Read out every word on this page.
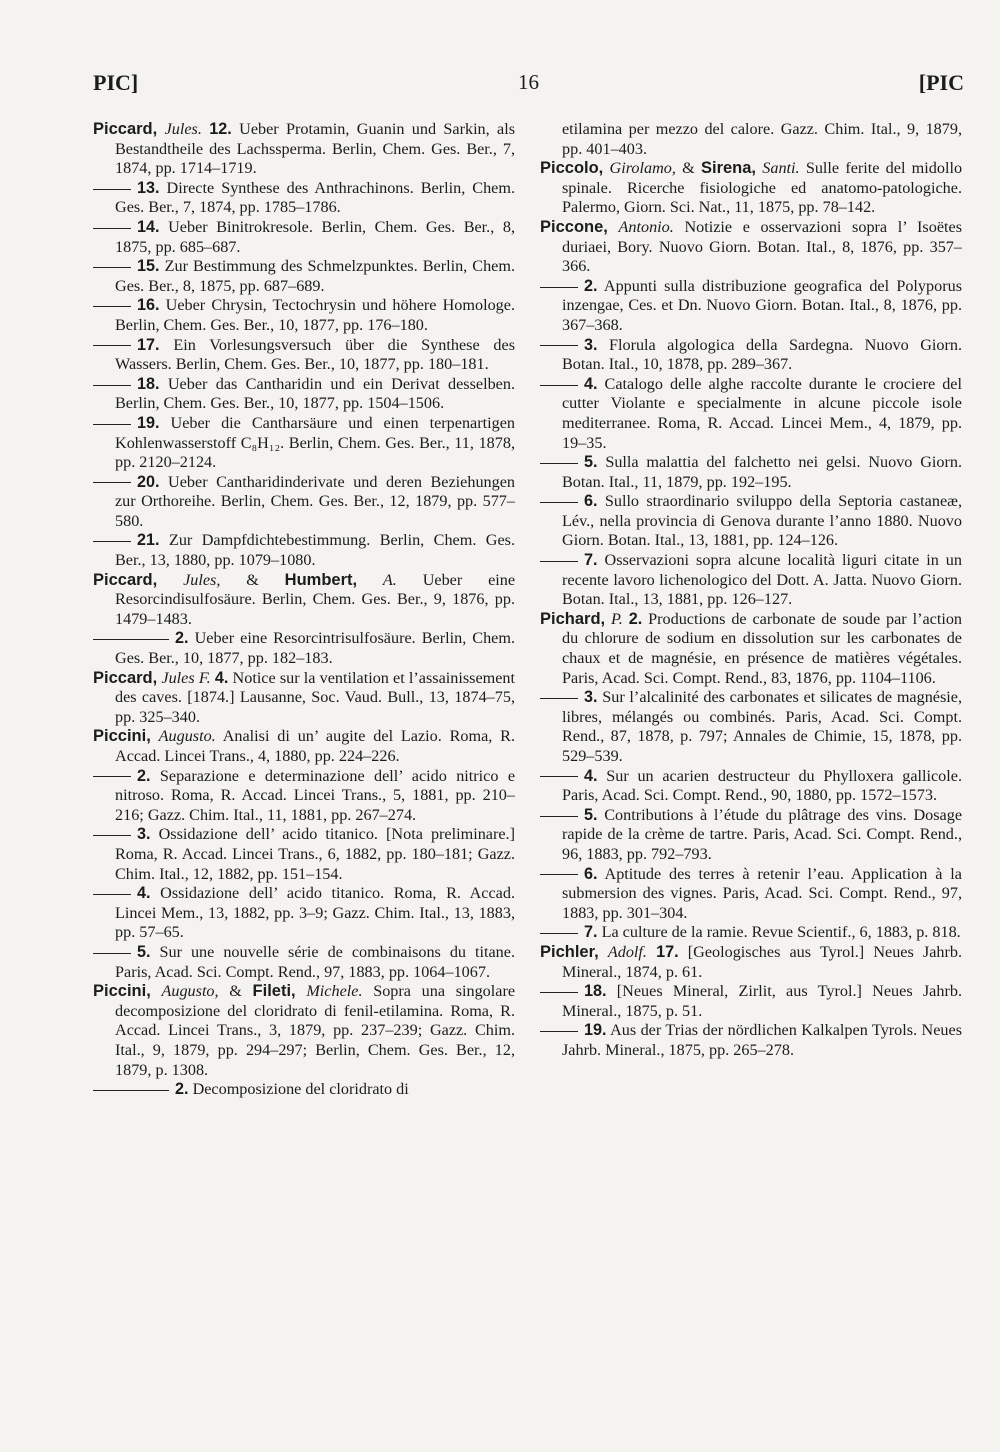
PIC]	16	[PIC

Piccard, Jules. 12. Ueber Protamin, Guanin und Sarkin, als Bestandtheile des Lachssperma. Berlin, Chem. Ges. Ber., 7, 1874, pp. 1714–1719.

13. Directe Synthese des Anthrachinons. Berlin, Chem. Ges. Ber., 7, 1874, pp. 1785–1786.

14. Ueber Binitrokresole. Berlin, Chem. Ges. Ber., 8, 1875, pp. 685–687.

15. Zur Bestimmung des Schmelzpunktes. Berlin, Chem. Ges. Ber., 8, 1875, pp. 687–689.

16. Ueber Chrysin, Tectochrysin und höhere Homologe. Berlin, Chem. Ges. Ber., 10, 1877, pp. 176–180.

17. Ein Vorlesungsversuch über die Synthese des Wassers. Berlin, Chem. Ges. Ber., 10, 1877, pp. 180–181.

18. Ueber das Cantharidin und ein Derivat desselben. Berlin, Chem. Ges. Ber., 10, 1877, pp. 1504–1506.

19. Ueber die Cantharsäure und einen terpenartigen Kohlenwasserstoff C₈H₁₂. Berlin, Chem. Ges. Ber., 11, 1878, pp. 2120–2124.

20. Ueber Cantharidinderivate und deren Beziehungen zur Orthoreihe. Berlin, Chem. Ges. Ber., 12, 1879, pp. 577–580.

21. Zur Dampfdichtebestimmung. Berlin, Chem. Ges. Ber., 13, 1880, pp. 1079–1080.

Piccard, Jules, & Humbert, A. Ueber eine Resorcindisulfosäure. Berlin, Chem. Ges. Ber., 9, 1876, pp. 1479–1483.

2. Ueber eine Resorcintrisulfosäure. Berlin, Chem. Ges. Ber., 10, 1877, pp. 182–183.

Piccard, Jules F. 4. Notice sur la ventilation et l’assainissement des caves. [1874.] Lausanne, Soc. Vaud. Bull., 13, 1874–75, pp. 325–340.

Piccini, Augusto. Analisi di un’ augite del Lazio. Roma, R. Accad. Lincei Trans., 4, 1880, pp. 224–226.

2. Separazione e determinazione dell’ acido nitrico e nitroso. Roma, R. Accad. Lincei Trans., 5, 1881, pp. 210–216; Gazz. Chim. Ital., 11, 1881, pp. 267–274.

3. Ossidazione dell’ acido titanico. [Nota preliminare.] Roma, R. Accad. Lincei Trans., 6, 1882, pp. 180–181; Gazz. Chim. Ital., 12, 1882, pp. 151–154.

4. Ossidazione dell’ acido titanico. Roma, R. Accad. Lincei Mem., 13, 1882, pp. 3–9; Gazz. Chim. Ital., 13, 1883, pp. 57–65.

5. Sur une nouvelle série de combinaisons du titane. Paris, Acad. Sci. Compt. Rend., 97, 1883, pp. 1064–1067.

Piccini, Augusto, & Fileti, Michele. Sopra una singolare decomposizione del cloridrato di fenil-etilamina. Roma, R. Accad. Lincei Trans., 3, 1879, pp. 237–239; Gazz. Chim. Ital., 9, 1879, pp. 294–297; Berlin, Chem. Ges. Ber., 12, 1879, p. 1308.

2. Decomposizione del cloridrato di

etilamina per mezzo del calore. Gazz. Chim. Ital., 9, 1879, pp. 401–403.

Piccolo, Girolamo, & Sirena, Santi. Sulle ferite del midollo spinale. Ricerche fisiologiche ed anatomo-patologiche. Palermo, Giorn. Sci. Nat., 11, 1875, pp. 78–142.

Piccone, Antonio. Notizie e osservazioni sopra l’ Isoëtes duriaei, Bory. Nuovo Giorn. Botan. Ital., 8, 1876, pp. 357–366.

2. Appunti sulla distribuzione geografica del Polyporus inzengae, Ces. et Dn. Nuovo Giorn. Botan. Ital., 8, 1876, pp. 367–368.

3. Florula algologica della Sardegna. Nuovo Giorn. Botan. Ital., 10, 1878, pp. 289–367.

4. Catalogo delle alghe raccolte durante le crociere del cutter Violante e specialmente in alcune piccole isole mediterranee. Roma, R. Accad. Lincei Mem., 4, 1879, pp. 19–35.

5. Sulla malattia del falchetto nei gelsi. Nuovo Giorn. Botan. Ital., 11, 1879, pp. 192–195.

6. Sullo straordinario sviluppo della Septoria castaneæ, Lév., nella provincia di Genova durante l’anno 1880. Nuovo Giorn. Botan. Ital., 13, 1881, pp. 124–126.

7. Osservazioni sopra alcune località liguri citate in un recente lavoro lichenologico del Dott. A. Jatta. Nuovo Giorn. Botan. Ital., 13, 1881, pp. 126–127.

Pichard, P. 2. Productions de carbonate de soude par l’action du chlorure de sodium en dissolution sur les carbonates de chaux et de magnésie, en présence de matières végétales. Paris, Acad. Sci. Compt. Rend., 83, 1876, pp. 1104–1106.

3. Sur l’alcalinité des carbonates et silicates de magnésie, libres, mélangés ou combinés. Paris, Acad. Sci. Compt. Rend., 87, 1878, p. 797; Annales de Chimie, 15, 1878, pp. 529–539.

4. Sur un acarien destructeur du Phylloxera gallicole. Paris, Acad. Sci. Compt. Rend., 90, 1880, pp. 1572–1573.

5. Contributions à l’étude du plâtrage des vins. Dosage rapide de la crème de tartre. Paris, Acad. Sci. Compt. Rend., 96, 1883, pp. 792–793.

6. Aptitude des terres à retenir l’eau. Application à la submersion des vignes. Paris, Acad. Sci. Compt. Rend., 97, 1883, pp. 301–304.

7. La culture de la ramie. Revue Scientif., 6, 1883, p. 818.

Pichler, Adolf. 17. [Geologisches aus Tyrol.] Neues Jahrb. Mineral., 1874, p. 61.

18. [Neues Mineral, Zirlit, aus Tyrol.] Neues Jahrb. Mineral., 1875, p. 51.

19. Aus der Trias der nördlichen Kalkalpen Tyrols. Neues Jahrb. Mineral., 1875, pp. 265–278.
